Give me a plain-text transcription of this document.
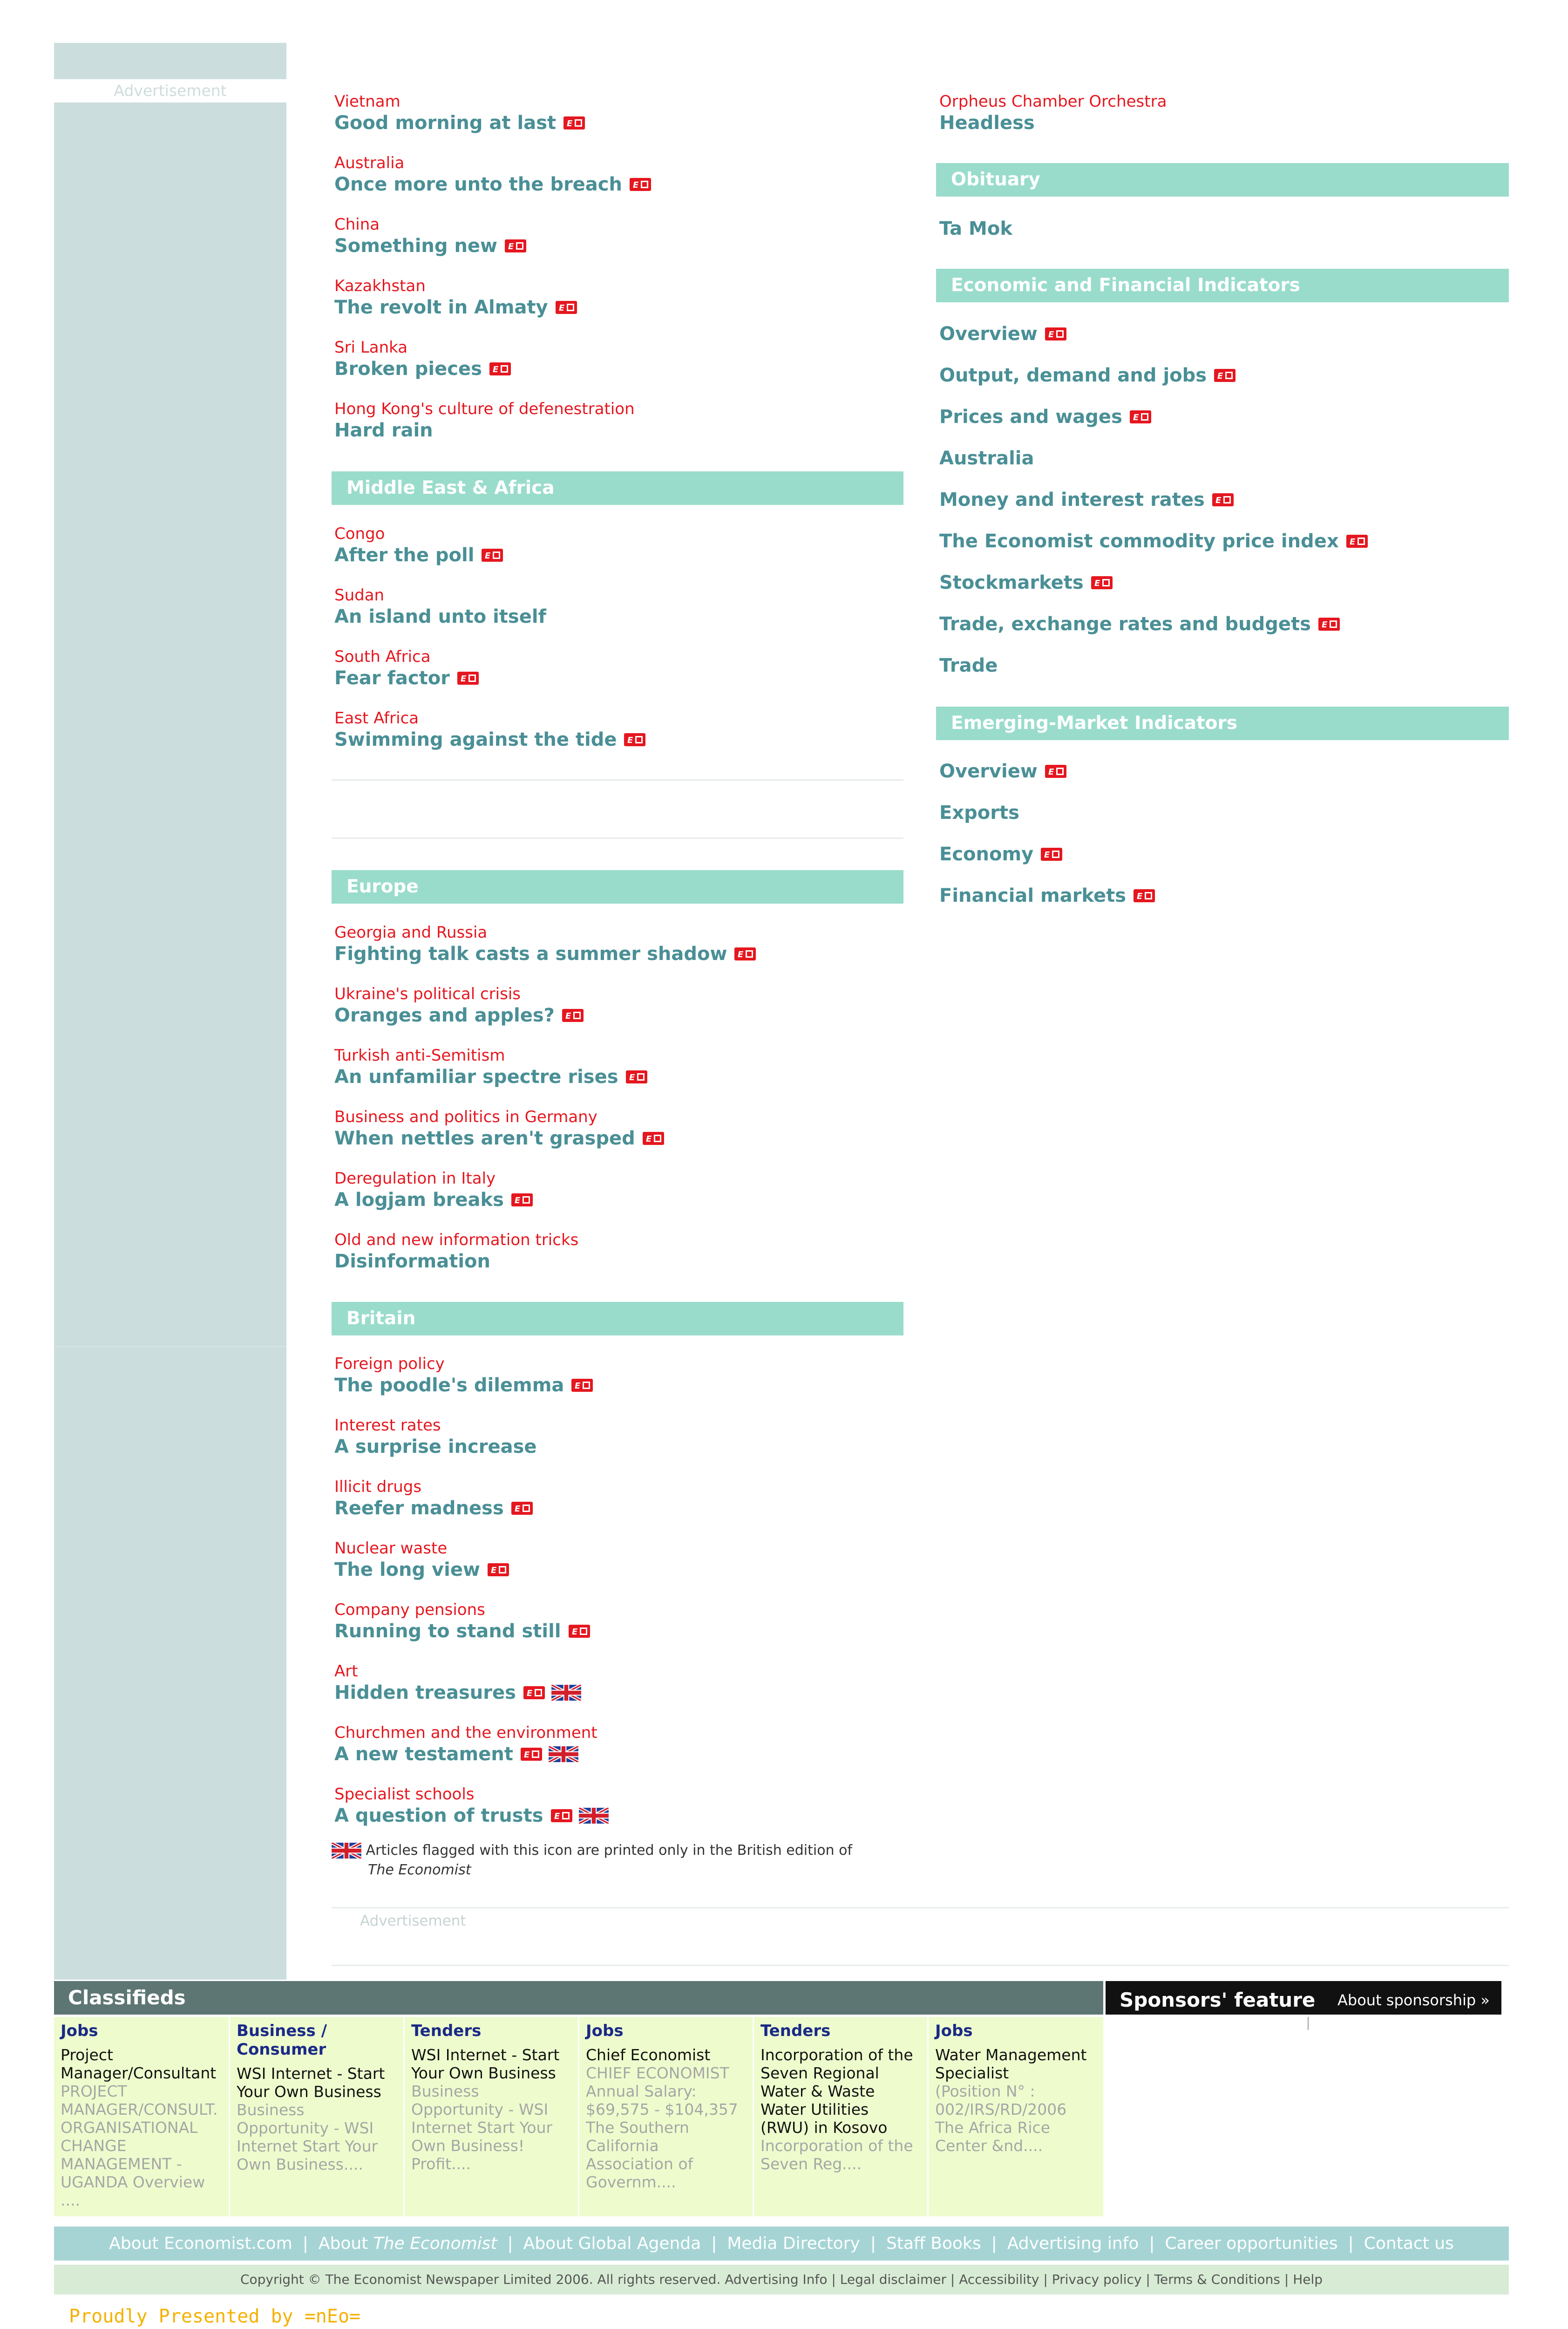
Advertisement
Articles flagged with this icon are printed only in the British edition of
The Economist
Advertisement
Classifieds	Sponsors' feature About sponsorship »
Jobs
Project Manager/Consultant
PROJECT MANAGER/CONSULT. ORGANISATIONAL CHANGE MANAGEMENT - UGANDA Overview ....
Business / Consumer
WSI Internet - Start Your Own Business
Business Opportunity - WSI Internet Start Your Own Business....
Tenders
WSI Internet - Start Your Own Business
Business Opportunity - WSI Internet Start Your Own Business! Profit....
Jobs
Chief Economist
CHIEF ECONOMIST Annual Salary: $69,575 - $104,357 The Southern California Association of Governm....
Tenders
Incorporation of the Seven Regional Water & Waste Water Utilities (RWU) in Kosovo
Incorporation of the Seven Reg....
Jobs
Water Management Specialist
(Position N° : 002/IRS/RD/2006 The Africa Rice Center &nd....
About Economist.com | About The Economist | About Global Agenda | Media Directory | Staff Books | Advertising info | Career opportunities | Contact us
Copyright © The Economist Newspaper Limited 2006. All rights reserved. Advertising Info | Legal disclaimer | Accessibility | Privacy policy | Terms & Conditions | Help
Proudly Presented by =nEo=
Vietnam
Good morning at last E
Australia
Once more unto the breach E
China
Something new E
Kazakhstan
The revolt in Almaty E
Sri Lanka
Broken pieces E
Hong Kong's culture of defenestration
Hard rain
Middle East & Africa
Congo
After the poll E
Sudan
An island unto itself
South Africa
Fear factor E
East Africa
Swimming against the tide E
Europe
Georgia and Russia
Fighting talk casts a summer shadow E
Ukraine's political crisis
Oranges and apples? E
Turkish anti-Semitism
An unfamiliar spectre rises E
Business and politics in Germany
When nettles aren't grasped E
Deregulation in Italy
A logjam breaks E
Old and new information tricks
Disinformation
Britain
Foreign policy
The poodle's dilemma E
Interest rates
A surprise increase
Illicit drugs
Reefer madness E
Nuclear waste
The long view E
Company pensions
Running to stand still E
Art
Hidden treasures E
Churchmen and the environment
A new testament E
Specialist schools
A question of trusts E
Orpheus Chamber Orchestra
Headless
Obituary
Ta Mok
Economic and Financial Indicators
Overview E
Output, demand and jobs E
Prices and wages E
Australia
Money and interest rates E
The Economist commodity price index E
Stockmarkets E
Trade, exchange rates and budgets E
Trade
Emerging-Market Indicators
Overview E
Exports
Economy E
Financial markets E
